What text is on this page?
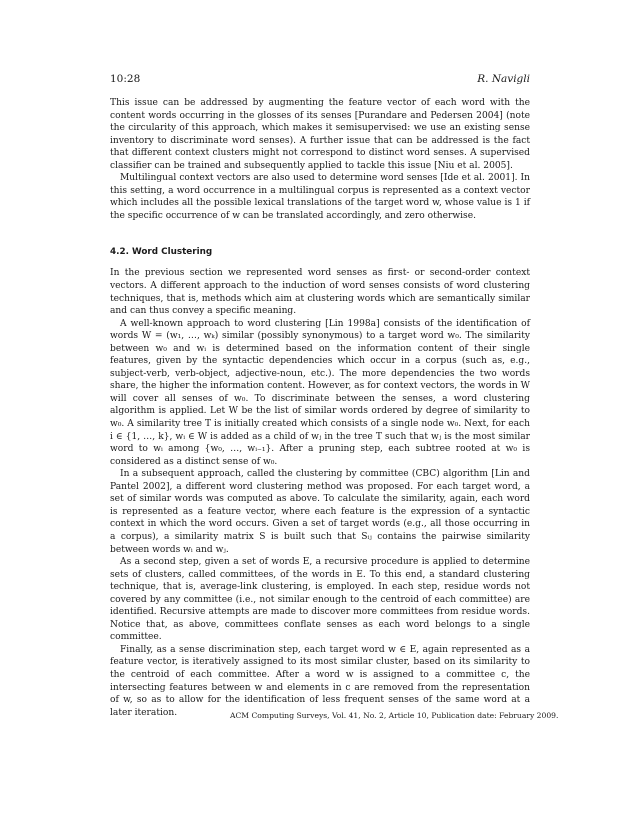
10:28	R. Navigli

This issue can be addressed by augmenting the feature vector of each word with the content words occurring in the glosses of its senses [Purandare and Pedersen 2004] (note the circularity of this approach, which makes it semisupervised: we use an existing sense inventory to discriminate word senses). A further issue that can be addressed is the fact that different context clusters might not correspond to distinct word senses. A supervised classifier can be trained and subsequently applied to tackle this issue [Niu et al. 2005].

Multilingual context vectors are also used to determine word senses [Ide et al. 2001]. In this setting, a word occurrence in a multilingual corpus is represented as a context vector which includes all the possible lexical translations of the target word w, whose value is 1 if the specific occurrence of w can be translated accordingly, and zero otherwise.

4.2. Word Clustering

In the previous section we represented word senses as first- or second-order context vectors. A different approach to the induction of word senses consists of word clustering techniques, that is, methods which aim at clustering words which are semantically similar and can thus convey a specific meaning.

A well-known approach to word clustering [Lin 1998a] consists of the identification of words W = (w₁, …, wₖ) similar (possibly synonymous) to a target word w₀. The similarity between w₀ and wᵢ is determined based on the information content of their single features, given by the syntactic dependencies which occur in a corpus (such as, e.g., subject-verb, verb-object, adjective-noun, etc.). The more dependencies the two words share, the higher the information content. However, as for context vectors, the words in W will cover all senses of w₀. To discriminate between the senses, a word clustering algorithm is applied. Let W be the list of similar words ordered by degree of similarity to w₀. A similarity tree T is initially created which consists of a single node w₀. Next, for each i ∈ {1, …, k}, wᵢ ∈ W is added as a child of wⱼ in the tree T such that wⱼ is the most similar word to wᵢ among {w₀, …, wᵢ₋₁}. After a pruning step, each subtree rooted at w₀ is considered as a distinct sense of w₀.

In a subsequent approach, called the clustering by committee (CBC) algorithm [Lin and Pantel 2002], a different word clustering method was proposed. For each target word, a set of similar words was computed as above. To calculate the similarity, again, each word is represented as a feature vector, where each feature is the expression of a syntactic context in which the word occurs. Given a set of target words (e.g., all those occurring in a corpus), a similarity matrix S is built such that Sᵢⱼ contains the pairwise similarity between words wᵢ and wⱼ.

As a second step, given a set of words E, a recursive procedure is applied to determine sets of clusters, called committees, of the words in E. To this end, a standard clustering technique, that is, average-link clustering, is employed. In each step, residue words not covered by any committee (i.e., not similar enough to the centroid of each committee) are identified. Recursive attempts are made to discover more committees from residue words. Notice that, as above, committees conflate senses as each word belongs to a single committee.

Finally, as a sense discrimination step, each target word w ∈ E, again represented as a feature vector, is iteratively assigned to its most similar cluster, based on its similarity to the centroid of each committee. After a word w is assigned to a committee c, the intersecting features between w and elements in c are removed from the representation of w, so as to allow for the identification of less frequent senses of the same word at a later iteration.	ACM Computing Surveys, Vol. 41, No. 2, Article 10, Publication date: February 2009.
